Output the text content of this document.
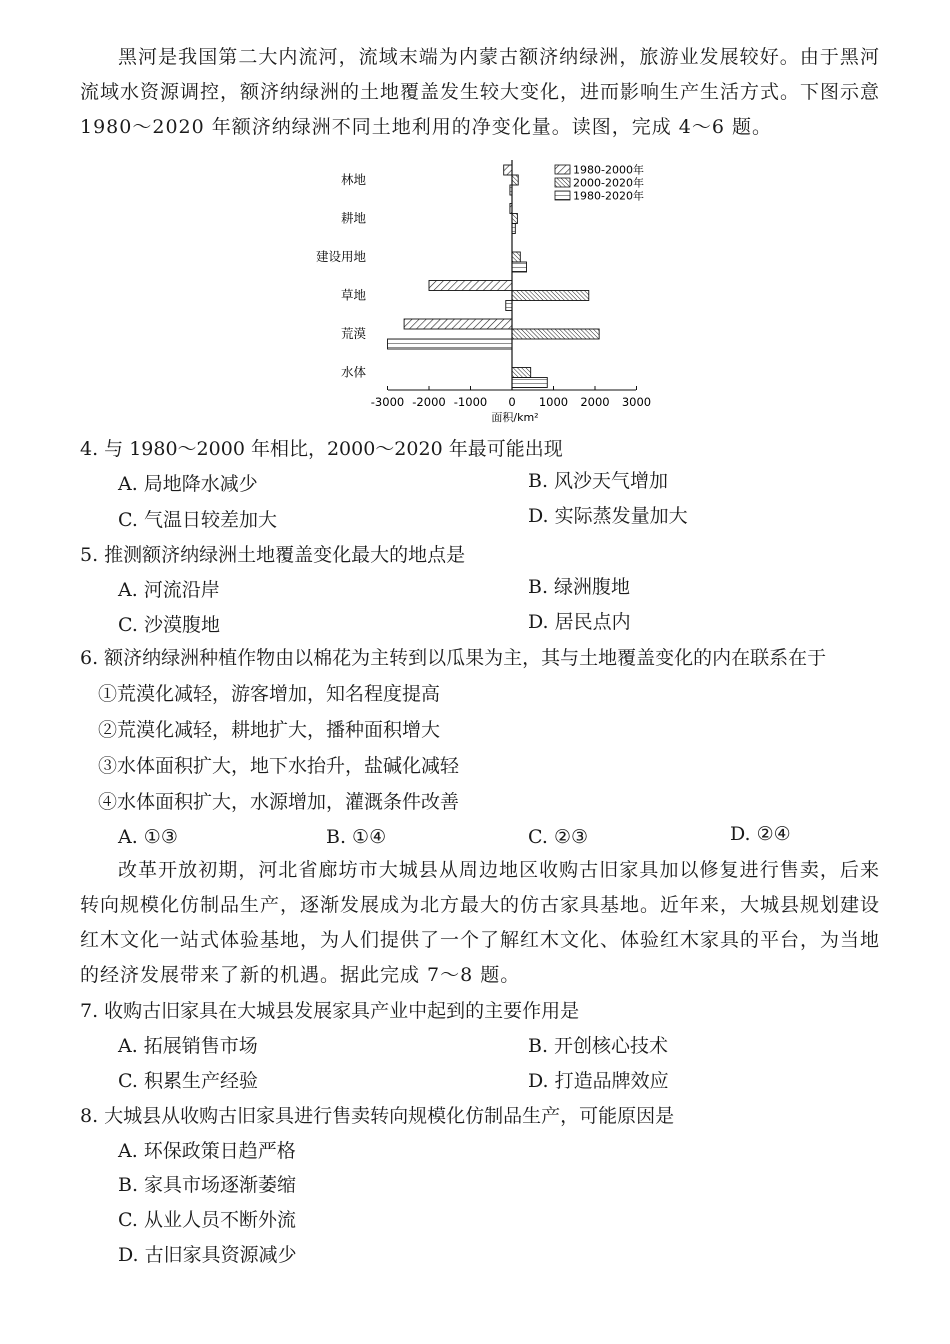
黑河是我国第二大内流河，流域末端为内蒙古额济纳绿洲，旅游业发展较好。由于黑河流域水资源调控，额济纳绿洲的土地覆盖发生较大变化，进而影响生产生活方式。下图示意 1980～2020 年额济纳绿洲不同土地利用的净变化量。读图，完成 4～6 题。

-3000 -2000 -1000 0 1000 2000 3000
林地
耕地
建设用地
草地
荒漠
水体
1980-2000年
2000-2020年
1980-2020年
面积/km²

4. 与 1980～2000 年相比，2000～2020 年最可能出现

A. 局地降水减少	B. 风沙天气增加

C. 气温日较差加大	D. 实际蒸发量加大

5. 推测额济纳绿洲土地覆盖变化最大的地点是

A. 河流沿岸	B. 绿洲腹地

C. 沙漠腹地	D. 居民点内

6. 额济纳绿洲种植作物由以棉花为主转到以瓜果为主，其与土地覆盖变化的内在联系在于

①荒漠化减轻，游客增加，知名程度提高

②荒漠化减轻，耕地扩大，播种面积增大

③水体面积扩大，地下水抬升，盐碱化减轻

④水体面积扩大，水源增加，灌溉条件改善

A. ①③	B. ①④	C. ②③	D. ②④

改革开放初期，河北省廊坊市大城县从周边地区收购古旧家具加以修复进行售卖，后来转向规模化仿制品生产，逐渐发展成为北方最大的仿古家具基地。近年来，大城县规划建设红木文化一站式体验基地，为人们提供了一个了解红木文化、体验红木家具的平台，为当地的经济发展带来了新的机遇。据此完成 7～8 题。

7. 收购古旧家具在大城县发展家具产业中起到的主要作用是

A. 拓展销售市场	B. 开创核心技术

C. 积累生产经验	D. 打造品牌效应

8. 大城县从收购古旧家具进行售卖转向规模化仿制品生产，可能原因是

A. 环保政策日趋严格

B. 家具市场逐渐萎缩

C. 从业人员不断外流

D. 古旧家具资源减少
